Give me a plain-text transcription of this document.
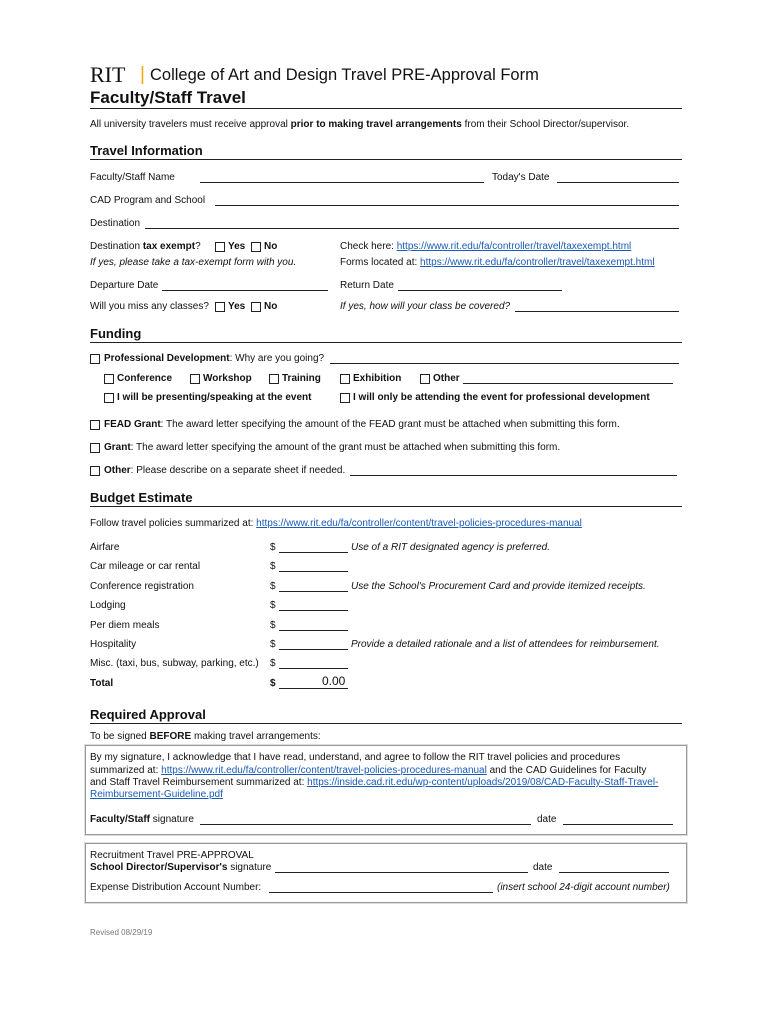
RIT | College of Art and Design Travel PRE-Approval Form
Faculty/Staff Travel
All university travelers must receive approval prior to making travel arrangements from their School Director/supervisor.
Travel Information
Faculty/Staff Name	Today's Date
CAD Program and School
Destination
Destination tax exempt?	Yes No
If yes, please take a tax-exempt form with you.
Check here: https://www.rit.edu/fa/controller/travel/taxexempt.html
Forms located at: https://www.rit.edu/fa/controller/travel/taxexempt.html
Departure Date	Return Date
Will you miss any classes? Yes No	If yes, how will your class be covered?
Funding
Professional Development: Why are you going?
Conference	Workshop	Training	Exhibition	Other
I will be presenting/speaking at the event	I will only be attending the event for professional development
FEAD Grant: The award letter specifying the amount of the FEAD grant must be attached when submitting this form.
Grant: The award letter specifying the amount of the grant must be attached when submitting this form.
Other: Please describe on a separate sheet if needed.
Budget Estimate
Follow travel policies summarized at: https://www.rit.edu/fa/controller/content/travel-policies-procedures-manual
Airfare	$	Use of a RIT designated agency is preferred.
Car mileage or car rental	$
Conference registration	$	Use the School's Procurement Card and provide itemized receipts.
Lodging	$
Per diem meals	$
Hospitality	$	Provide a detailed rationale and a list of attendees for reimbursement.
Misc. (taxi, bus, subway, parking, etc.) $
Total	$	0.00
Required Approval
To be signed BEFORE making travel arrangements:
By my signature, I acknowledge that I have read, understand, and agree to follow the RIT travel policies and procedures
summarized at: https://www.rit.edu/fa/controller/content/travel-policies-procedures-manual and the CAD Guidelines for Faculty
and Staff Travel Reimbursement summarized at: https://inside.cad.rit.edu/wp-content/uploads/2019/08/CAD-Faculty-Staff-Travel-
Reimbursement-Guideline.pdf
Faculty/Staff signature	date
Recruitment Travel PRE-APPROVAL
School Director/Supervisor's signature	date
Expense Distribution Account Number:	(insert school 24-digit account number)
Revised 08/29/19
